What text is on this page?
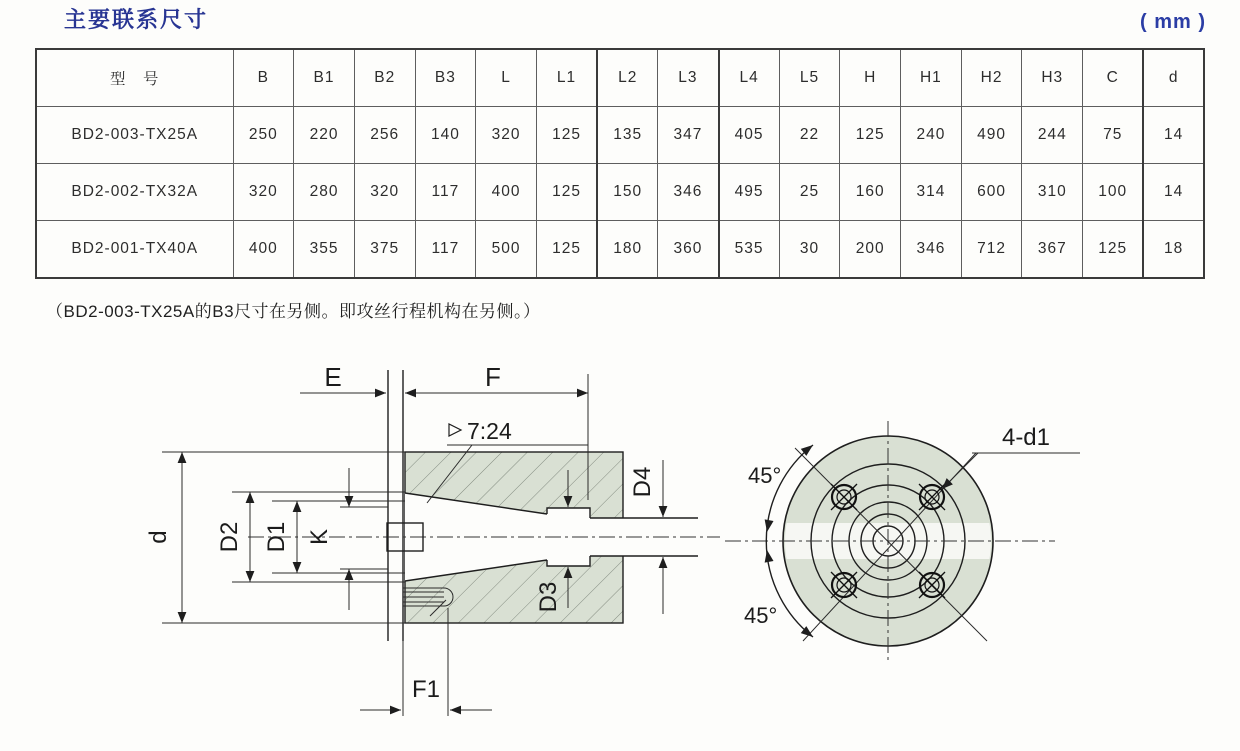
主要联系尺寸	( mm )
型　号	B	B1	B2	B3	L	L1	L2	L3	L4	L5	H	H1	H2	H3	C	d
BD2-003-TX25A	250	220	256	140	320	125	135	347	405	22	125	240	490	244	75	14
BD2-002-TX32A	320	280	320	117	400	125	150	346	495	25	160	314	600	310	100	14
BD2-001-TX40A	400	355	375	117	500	125	180	360	535	30	200	346	712	367	125	18
（BD2-003-TX25A的B3尺寸在另侧。即攻丝行程机构在另侧。）
E	F
7:24
d D2 D1 K
D3
D4
F1
45°
45°
4-d1
